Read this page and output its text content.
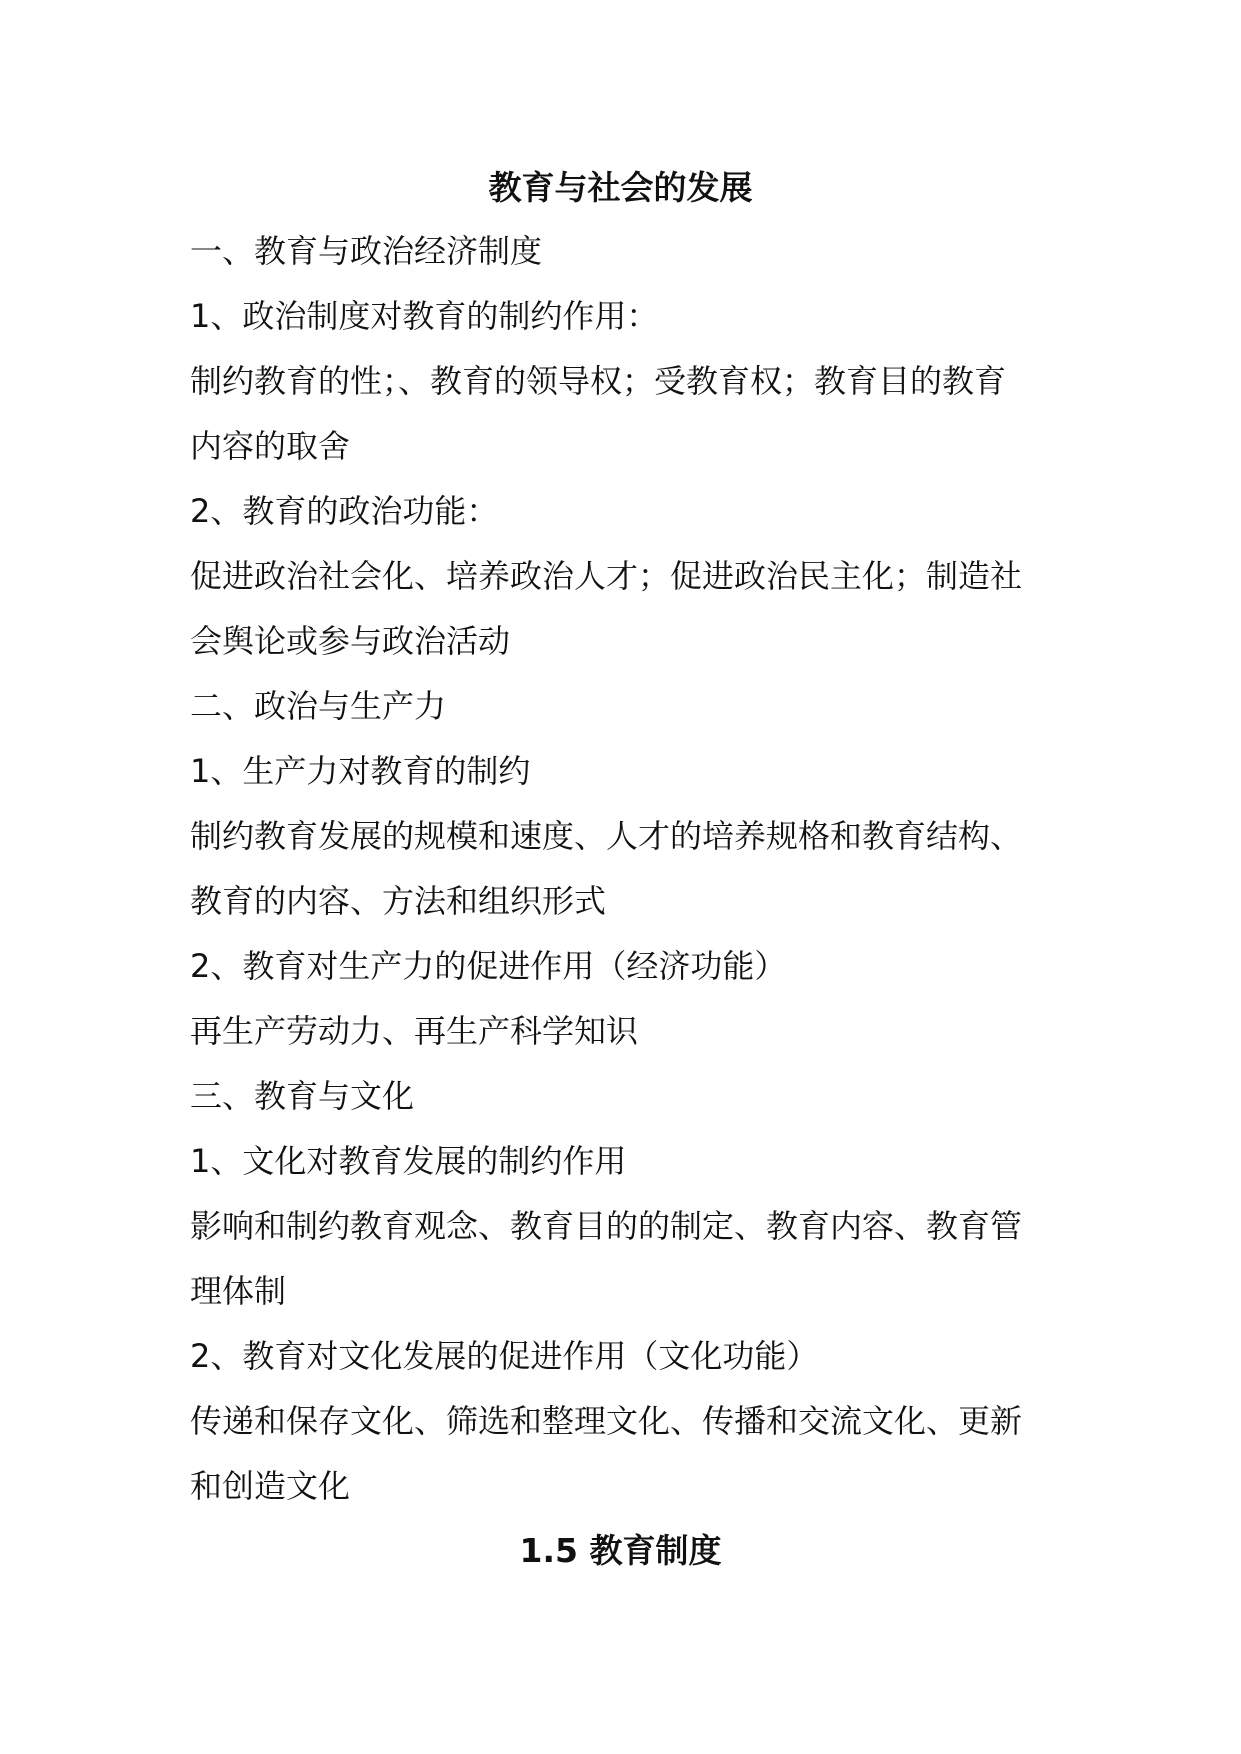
教育与社会的发展
一、教育与政治经济制度
1、政治制度对教育的制约作用：
制约教育的性；、教育的领导权；受教育权；教育目的教育
内容的取舍
2、教育的政治功能：
促进政治社会化、培养政治人才；促进政治民主化；制造社
会舆论或参与政治活动
二、政治与生产力
1、生产力对教育的制约
制约教育发展的规模和速度、人才的培养规格和教育结构、
教育的内容、方法和组织形式
2、教育对生产力的促进作用（经济功能）
再生产劳动力、再生产科学知识
三、教育与文化
1、文化对教育发展的制约作用
影响和制约教育观念、教育目的的制定、教育内容、教育管
理体制
2、教育对文化发展的促进作用（文化功能）
传递和保存文化、筛选和整理文化、传播和交流文化、更新
和创造文化
1.5 教育制度
